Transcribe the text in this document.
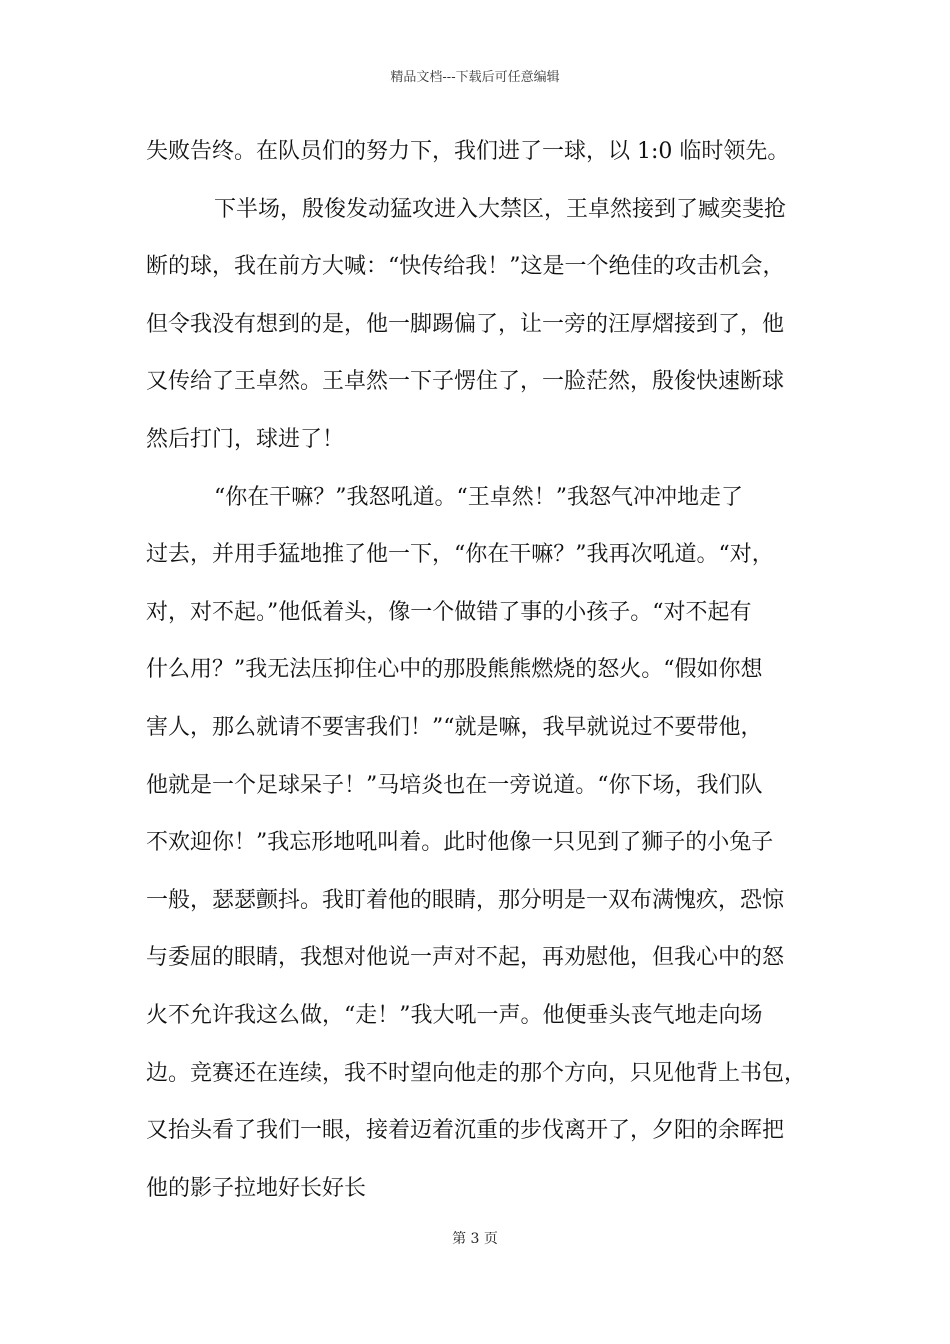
精品文档---下载后可任意编辑
失败告终。在队员们的努力下，我们进了一球，以 1:0 临时领先。
下半场，殷俊发动猛攻进入大禁区，王卓然接到了臧奕斐抢
断的球，我在前方大喊：“快传给我！”这是一个绝佳的攻击机会，
但令我没有想到的是，他一脚踢偏了，让一旁的汪厚熠接到了，他
又传给了王卓然。王卓然一下子愣住了，一脸茫然，殷俊快速断球
然后打门，球进了！
“你在干嘛？”我怒吼道。“王卓然！”我怒气冲冲地走了
过去，并用手猛地推了他一下，“你在干嘛？”我再次吼道。“对，
对，对不起。”他低着头，像一个做错了事的小孩子。“对不起有
什么用？”我无法压抑住心中的那股熊熊燃烧的怒火。“假如你想
害人，那么就请不要害我们！”“就是嘛，我早就说过不要带他，
他就是一个足球呆子！”马培炎也在一旁说道。“你下场，我们队
不欢迎你！”我忘形地吼叫着。此时他像一只见到了狮子的小兔子
一般，瑟瑟颤抖。我盯着他的眼睛，那分明是一双布满愧疚，恐惊
与委屈的眼睛，我想对他说一声对不起，再劝慰他，但我心中的怒
火不允许我这么做，“走！”我大吼一声。他便垂头丧气地走向场
边。竞赛还在连续，我不时望向他走的那个方向，只见他背上书包，
又抬头看了我们一眼，接着迈着沉重的步伐离开了，夕阳的余晖把
他的影子拉地好长好长
第 3 页
